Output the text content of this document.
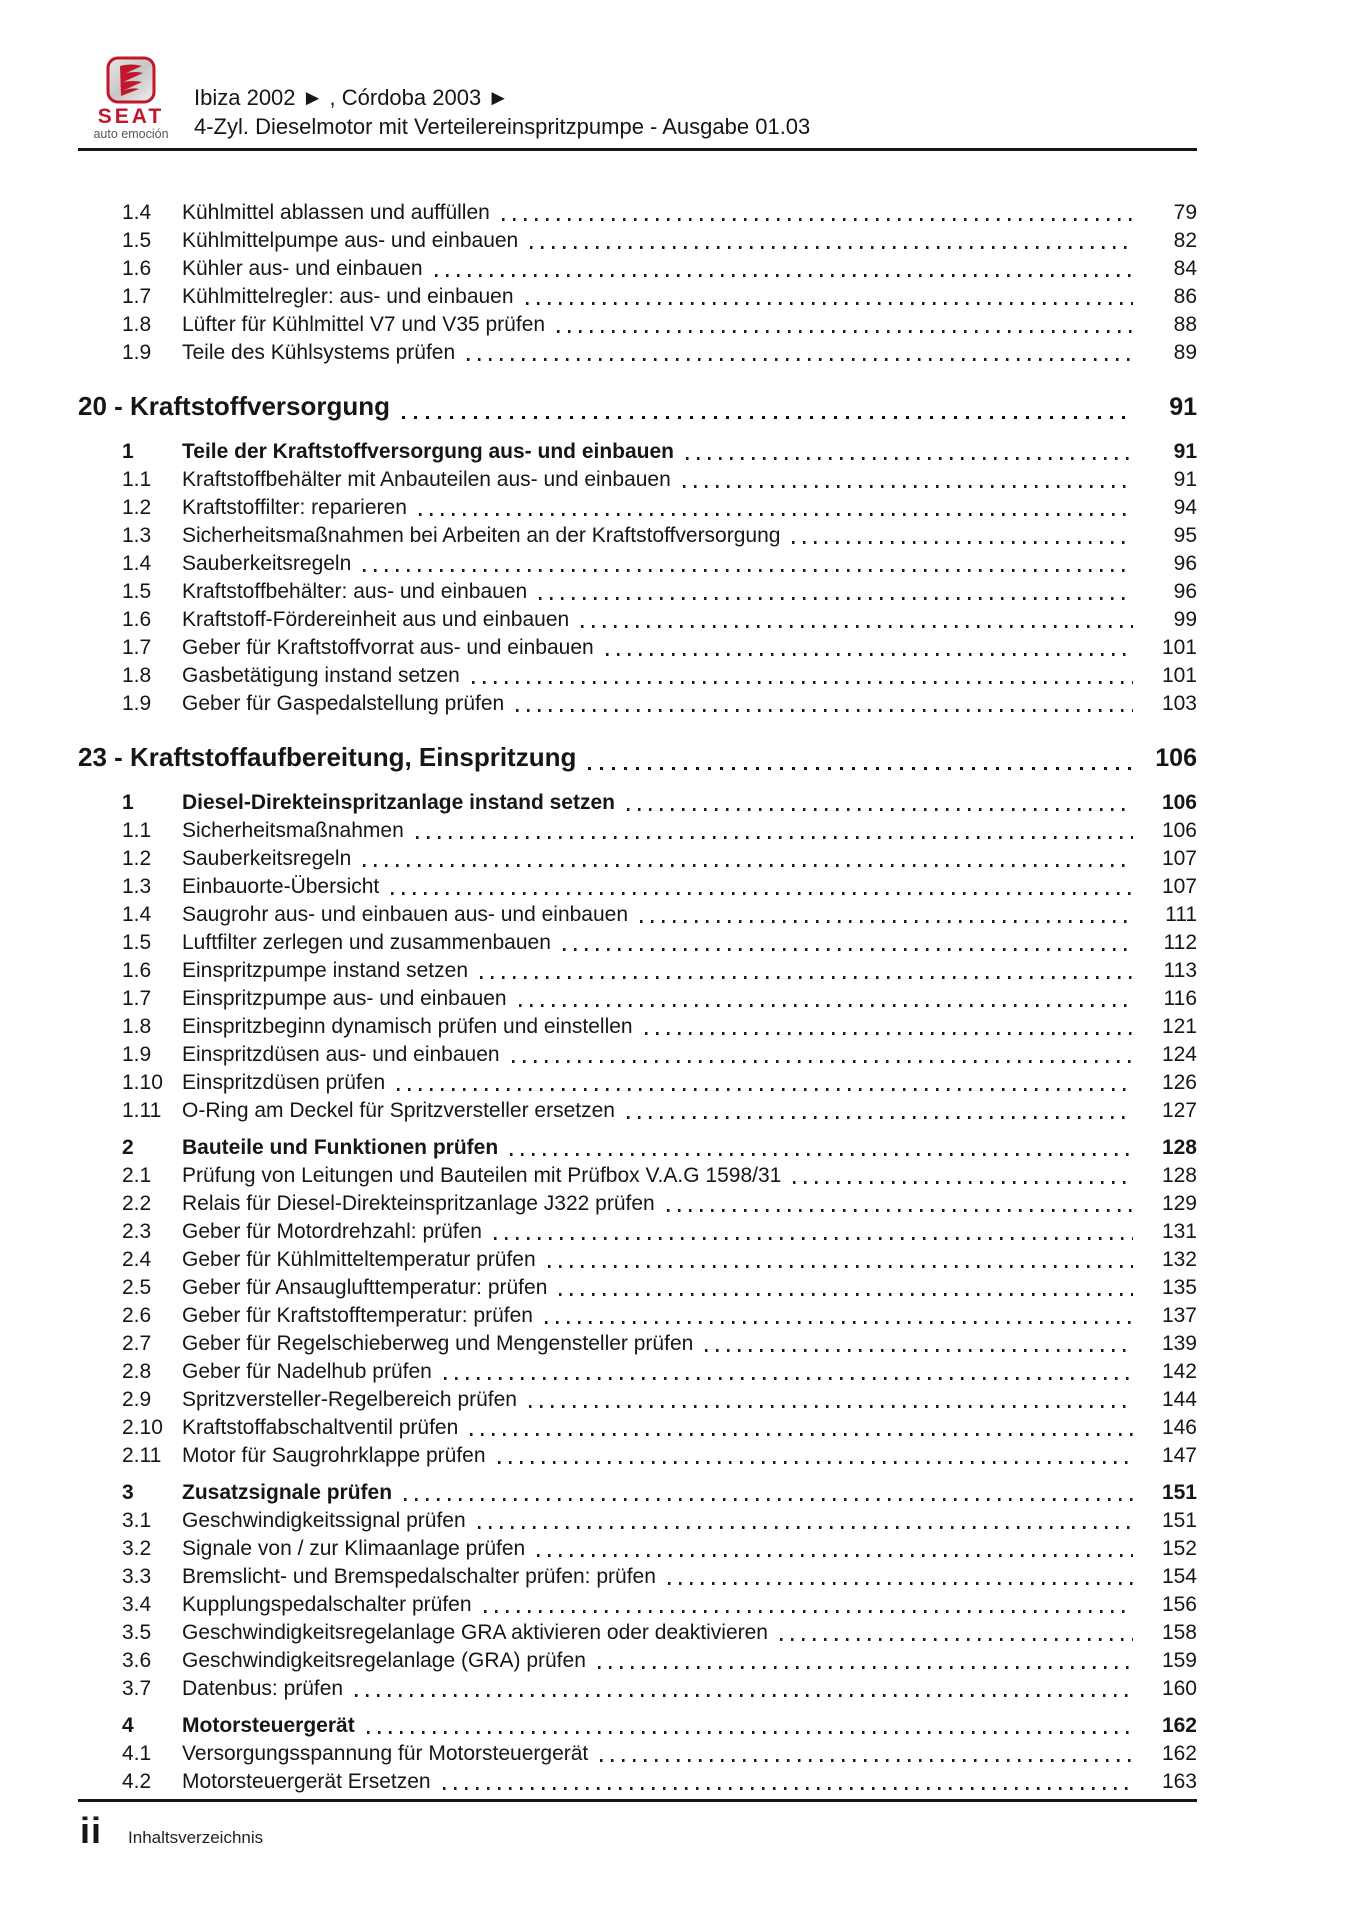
SEAT
auto emoción
Ibiza 2002 ► , Córdoba 2003 ►
4-Zyl. Dieselmotor mit Verteilereinspritzpumpe - Ausgabe 01.03
1.4	Kühlmittel ablassen und auffüllen	79
1.5	Kühlmittelpumpe aus- und einbauen	82
1.6	Kühler aus- und einbauen	84
1.7	Kühlmittelregler: aus- und einbauen	86
1.8	Lüfter für Kühlmittel V7 und V35 prüfen	88
1.9	Teile des Kühlsystems prüfen	89
20 - Kraftstoffversorgung	91
1	Teile der Kraftstoffversorgung aus- und einbauen	91
1.1	Kraftstoffbehälter mit Anbauteilen aus- und einbauen	91
1.2	Kraftstoffilter: reparieren	94
1.3	Sicherheitsmaßnahmen bei Arbeiten an der Kraftstoffversorgung	95
1.4	Sauberkeitsregeln	96
1.5	Kraftstoffbehälter: aus- und einbauen	96
1.6	Kraftstoff-Fördereinheit aus und einbauen	99
1.7	Geber für Kraftstoffvorrat aus- und einbauen	101
1.8	Gasbetätigung instand setzen	101
1.9	Geber für Gaspedalstellung prüfen	103
23 - Kraftstoffaufbereitung, Einspritzung	106
1	Diesel-Direkteinspritzanlage instand setzen	106
1.1	Sicherheitsmaßnahmen	106
1.2	Sauberkeitsregeln	107
1.3	Einbauorte-Übersicht	107
1.4	Saugrohr aus- und einbauen aus- und einbauen	111
1.5	Luftfilter zerlegen und zusammenbauen	112
1.6	Einspritzpumpe instand setzen	113
1.7	Einspritzpumpe aus- und einbauen	116
1.8	Einspritzbeginn dynamisch prüfen und einstellen	121
1.9	Einspritzdüsen aus- und einbauen	124
1.10 Einspritzdüsen prüfen	126
1.11 O-Ring am Deckel für Spritzversteller ersetzen	127
2	Bauteile und Funktionen prüfen	128
2.1	Prüfung von Leitungen und Bauteilen mit Prüfbox V.A.G 1598/31	128
2.2	Relais für Diesel-Direkteinspritzanlage J322 prüfen	129
2.3	Geber für Motordrehzahl: prüfen	131
2.4	Geber für Kühlmitteltemperatur prüfen	132
2.5	Geber für Ansauglufttemperatur: prüfen	135
2.6	Geber für Kraftstofftemperatur: prüfen	137
2.7	Geber für Regelschieberweg und Mengensteller prüfen	139
2.8	Geber für Nadelhub prüfen	142
2.9	Spritzversteller-Regelbereich prüfen	144
2.10 Kraftstoffabschaltventil prüfen	146
2.11 Motor für Saugrohrklappe prüfen	147
3	Zusatzsignale prüfen	151
3.1	Geschwindigkeitssignal prüfen	151
3.2	Signale von / zur Klimaanlage prüfen	152
3.3	Bremslicht- und Bremspedalschalter prüfen: prüfen	154
3.4	Kupplungspedalschalter prüfen	156
3.5	Geschwindigkeitsregelanlage GRA aktivieren oder deaktivieren	158
3.6	Geschwindigkeitsregelanlage (GRA) prüfen	159
3.7	Datenbus: prüfen	160
4	Motorsteuergerät	162
4.1	Versorgungsspannung für Motorsteuergerät	162
4.2	Motorsteuergerät Ersetzen	163
ii Inhaltsverzeichnis
